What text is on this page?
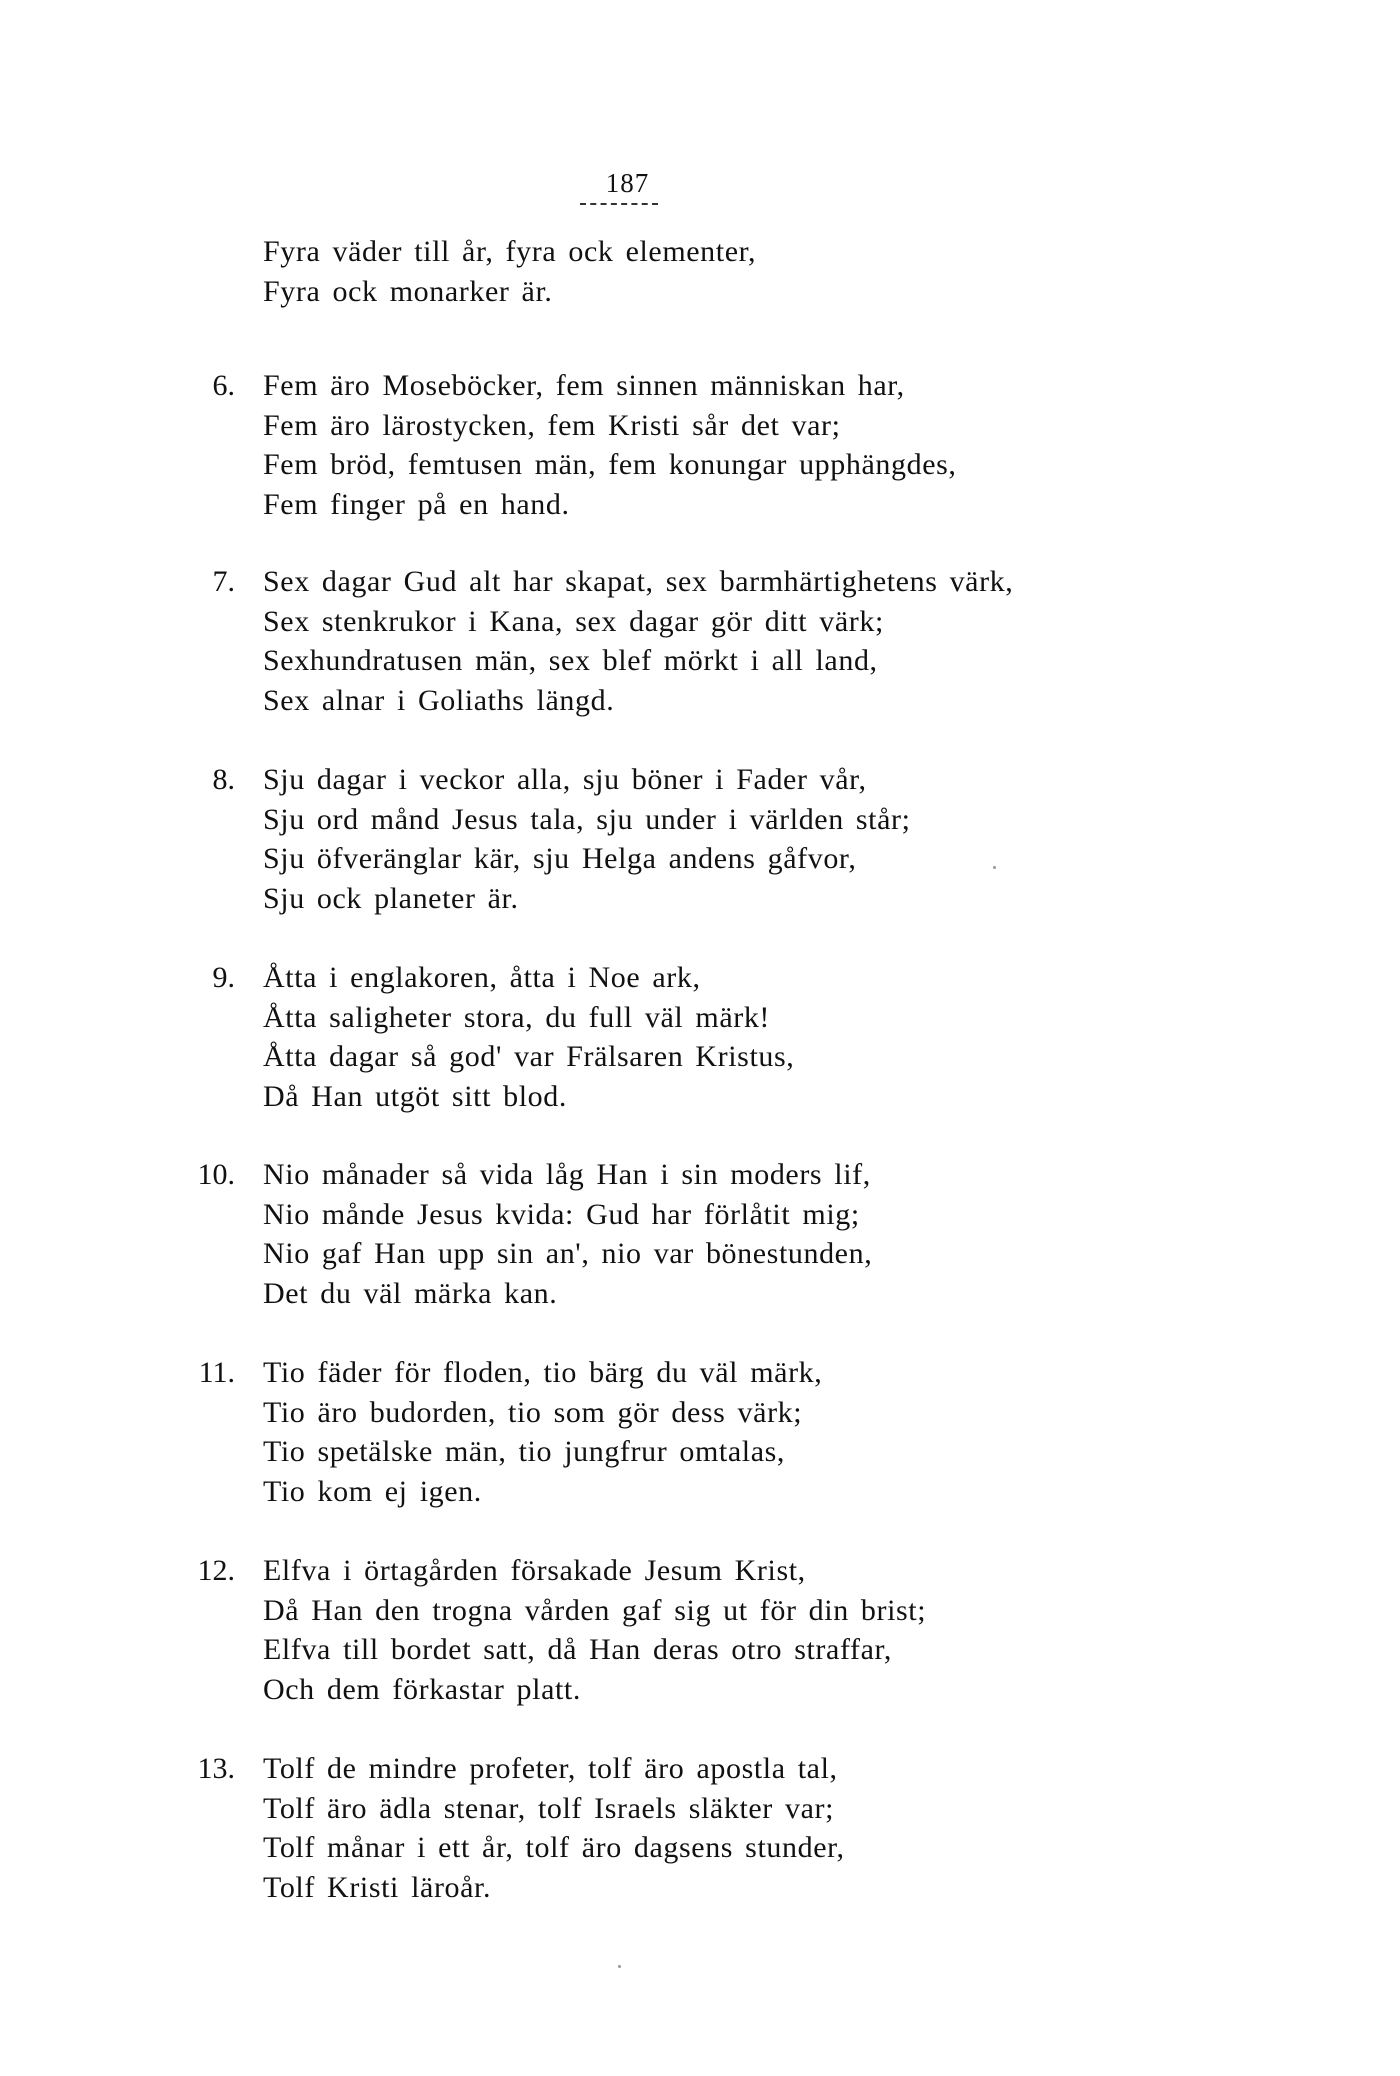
187
Fyra väder till år, fyra ock elementer,
Fyra ock monarker är.
6. Fem äro Moseböcker, fem sinnen människan har,
Fem äro lärostycken, fem Kristi sår det var;
Fem bröd, femtusen män, fem konungar upphängdes,
Fem finger på en hand.
7. Sex dagar Gud alt har skapat, sex barmhärtighetens värk,
Sex stenkrukor i Kana, sex dagar gör ditt värk;
Sexhundratusen män, sex blef mörkt i all land,
Sex alnar i Goliaths längd.
8. Sju dagar i veckor alla, sju böner i Fader vår,
Sju ord månd Jesus tala, sju under i världen står;
Sju öfveränglar kär, sju Helga andens gåfvor,
Sju ock planeter är.
9. Åtta i englakoren, åtta i Noe ark,
Åtta saligheter stora, du full väl märk!
Åtta dagar så god' var Frälsaren Kristus,
Då Han utgöt sitt blod.
10. Nio månader så vida låg Han i sin moders lif,
Nio månde Jesus kvida: Gud har förlåtit mig;
Nio gaf Han upp sin an', nio var bönestunden,
Det du väl märka kan.
11. Tio fäder för floden, tio bärg du väl märk,
Tio äro budorden, tio som gör dess värk;
Tio spetälske män, tio jungfrur omtalas,
Tio kom ej igen.
12. Elfva i örtagården försakade Jesum Krist,
Då Han den trogna vården gaf sig ut för din brist;
Elfva till bordet satt, då Han deras otro straffar,
Och dem förkastar platt.
13. Tolf de mindre profeter, tolf äro apostla tal,
Tolf äro ädla stenar, tolf Israels släkter var;
Tolf månar i ett år, tolf äro dagsens stunder,
Tolf Kristi läroår.
